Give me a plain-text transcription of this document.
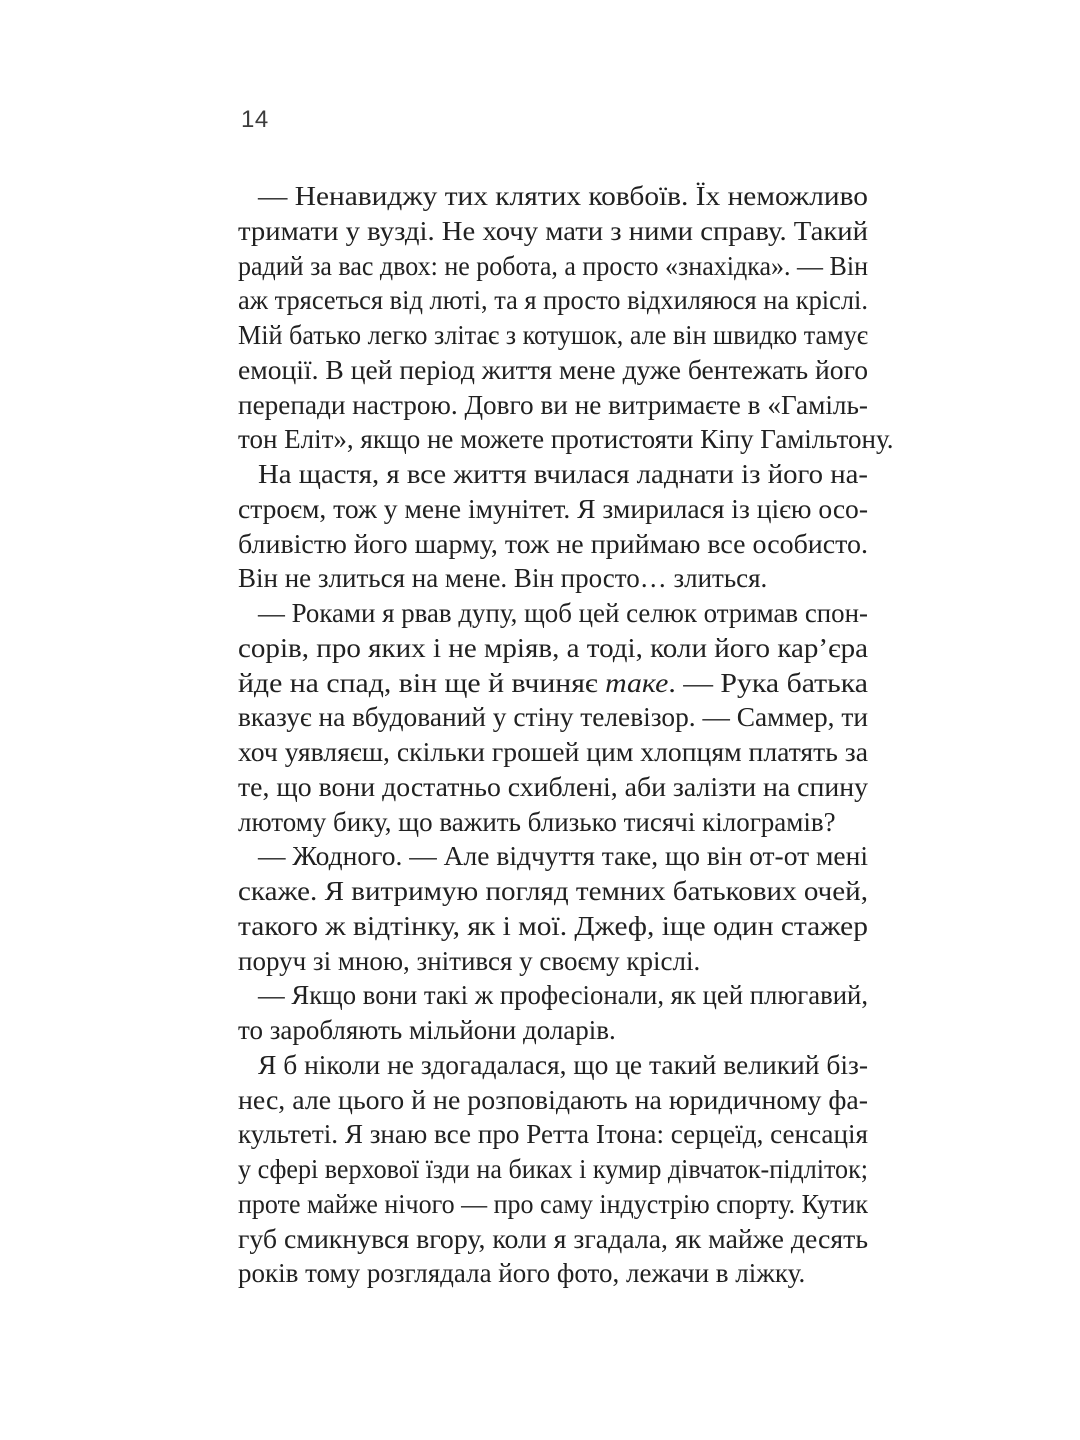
14
— Ненавиджу тих клятих ковбоїв. Їх неможливо
тримати у вузді. Не хочу мати з ними справу. Такий
радий за вас двох: не робота, а просто «знахідка». — Він
аж трясеться від люті, та я просто відхиляюся на кріслі.
Мій батько легко злітає з котушок, але він швидко тамує
емоції. В цей період життя мене дуже бентежать його
перепади настрою. Довго ви не витримаєте в «Гаміль-
тон Еліт», якщо не можете протистояти Кіпу Гамільтону.
На щастя, я все життя вчилася ладнати із його на-
строєм, тож у мене імунітет. Я змирилася із цією осо-
бливістю його шарму, тож не приймаю все особисто.
Він не злиться на мене. Він просто… злиться.
— Роками я рвав дупу, щоб цей селюк отримав спон-
сорів, про яких і не мріяв, а тоді, коли його кар’єра
йде на спад, він ще й вчиняє таке. — Рука батька
вказує на вбудований у стіну телевізор. — Саммер, ти
хоч уявляєш, скільки грошей цим хлопцям платять за
те, що вони достатньо схиблені, аби залізти на спину
лютому бику, що важить близько тисячі кілограмів?
— Жодного. — Але відчуття таке, що він от-от мені
скаже. Я витримую погляд темних батькових очей,
такого ж відтінку, як і мої. Джеф, іще один стажер
поруч зі мною, знітився у своєму кріслі.
— Якщо вони такі ж професіонали, як цей плюгавий,
то заробляють мільйони доларів.
Я б ніколи не здогадалася, що це такий великий біз-
нес, але цього й не розповідають на юридичному фа-
культеті. Я знаю все про Ретта Ітона: серцеїд, сенсація
у сфері верхової їзди на биках і кумир дівчаток-підліток;
проте майже нічого — про саму індустрію спорту. Кутик
губ смикнувся вгору, коли я згадала, як майже десять
років тому розглядала його фото, лежачи в ліжку.
